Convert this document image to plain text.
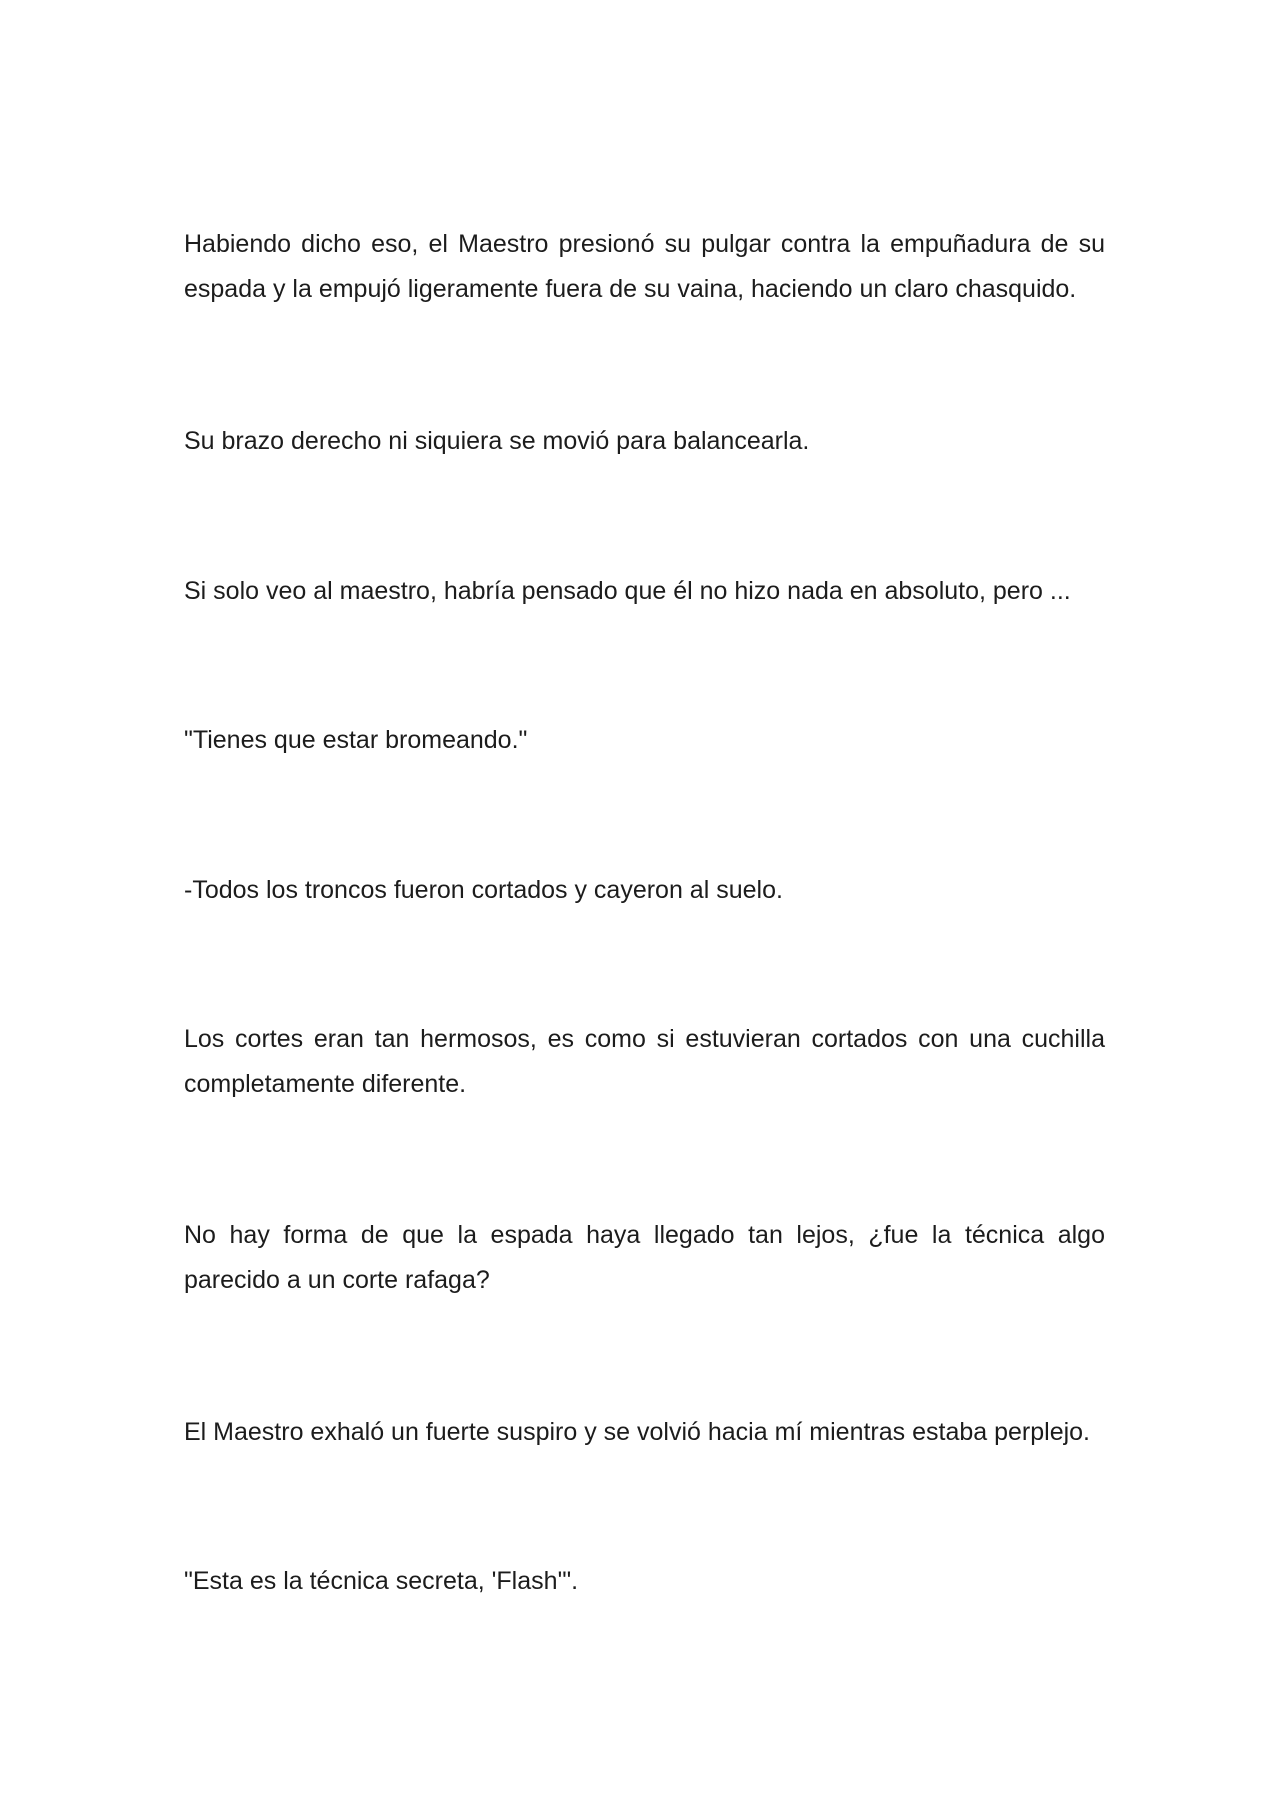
Habiendo dicho eso, el Maestro presionó su pulgar contra la empuñadura de su espada y la empujó ligeramente fuera de su vaina, haciendo un claro chasquido.

Su brazo derecho ni siquiera se movió para balancearla.

Si solo veo al maestro, habría pensado que él no hizo nada en absoluto, pero ...

"Tienes que estar bromeando."

-Todos los troncos fueron cortados y cayeron al suelo.

Los cortes eran tan hermosos, es como si estuvieran cortados con una cuchilla completamente diferente.

No hay forma de que la espada haya llegado tan lejos, ¿fue la técnica algo parecido a un corte rafaga?

El Maestro exhaló un fuerte suspiro y se volvió hacia mí mientras estaba perplejo.

"Esta es la técnica secreta, 'Flash'".
